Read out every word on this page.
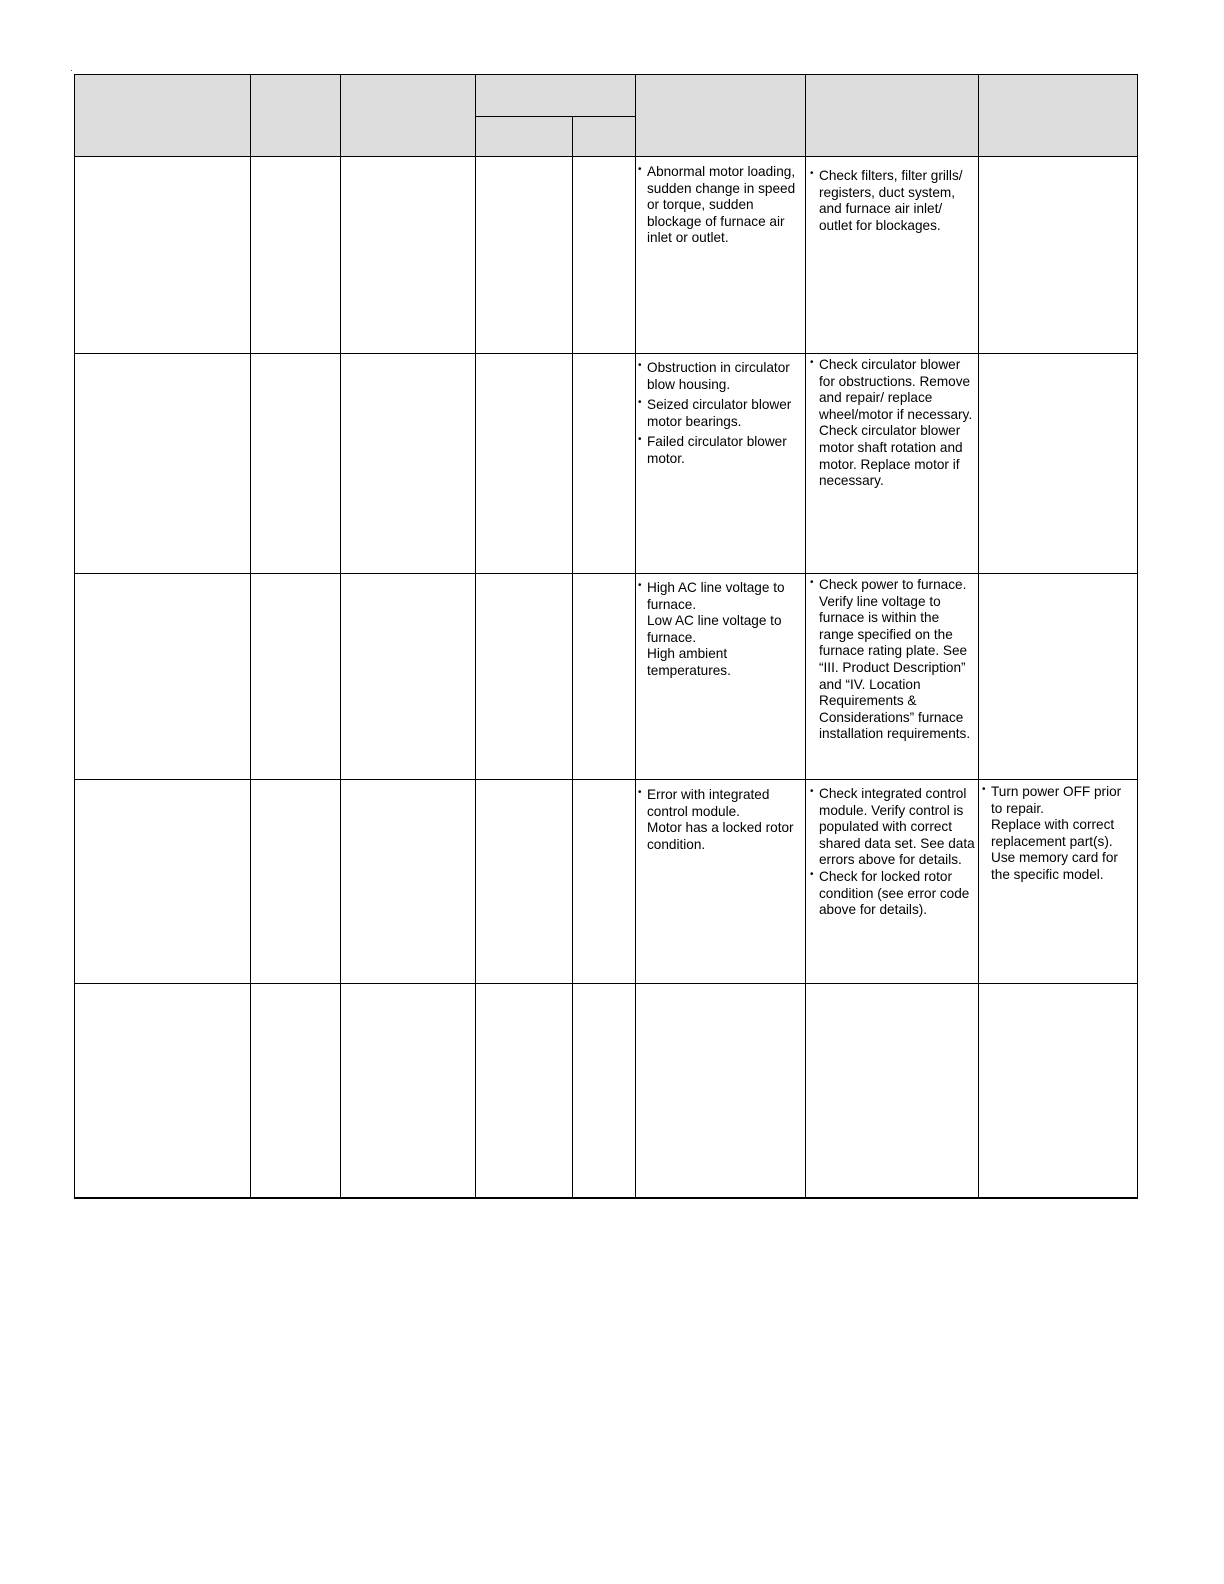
• Abnormal motor loading, sudden change in speed or torque, sudden blockage of furnace air inlet or outlet.
• Check filters, filter grills/ registers, duct system, and furnace air inlet/ outlet for blockages.
• Obstruction in circulator blow housing.
• Seized circulator blower motor bearings.
• Failed circulator blower motor.
• Check circulator blower for obstructions. Remove and repair/ replace wheel/motor if necessary.
Check circulator blower motor shaft rotation and motor. Replace motor if necessary.
• High AC line voltage to furnace.
Low AC line voltage to furnace.
High ambient temperatures.
• Check power to furnace. Verify line voltage to furnace is within the range specified on the furnace rating plate. See “III. Product Description” and “IV. Location Requirements & Considerations” furnace installation requirements.
• Error with integrated control module.
Motor has a locked rotor condition.
• Check integrated control module. Verify control is populated with correct shared data set. See data errors above for details.
• Check for locked rotor condition (see error code above for details).
• Turn power OFF prior to repair.
Replace with correct replacement part(s).
Use memory card for the specific model.
